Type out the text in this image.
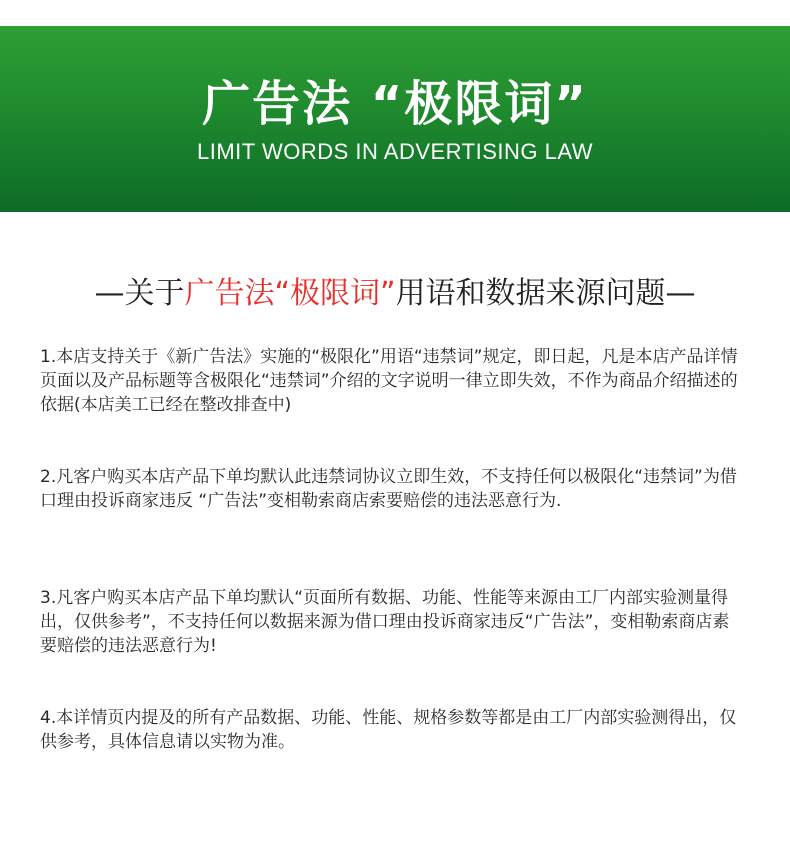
广告法 “极限词”
LIMIT WORDS IN ADVERTISING LAW
—关于广告法“极限词”用语和数据来源问题—

1.本店支持关于《新广告法》实施的“极限化”用语“违禁词”规定，即日起，凡是本店产品详情页面以及产品标题等含极限化“违禁词”介绍的文字说明一律立即失效，不作为商品介绍描述的依据(本店美工已经在整改排查中)

2.凡客户购买本店产品下单均默认此违禁词协议立即生效，不支持任何以极限化“违禁词”为借口理由投诉商家违反 “广告法”变相勒索商店索要赔偿的违法恶意行为.

3.凡客户购买本店产品下单均默认“页面所有数据、功能、性能等来源由工厂内部实验测量得出，仅供参考”，不支持任何以数据来源为借口理由投诉商家违反“广告法”，变相勒索商店素要赔偿的违法恶意行为!

4.本详情页内提及的所有产品数据、功能、性能、规格参数等都是由工厂内部实验测得出，仅供参考，具体信息请以实物为准。
